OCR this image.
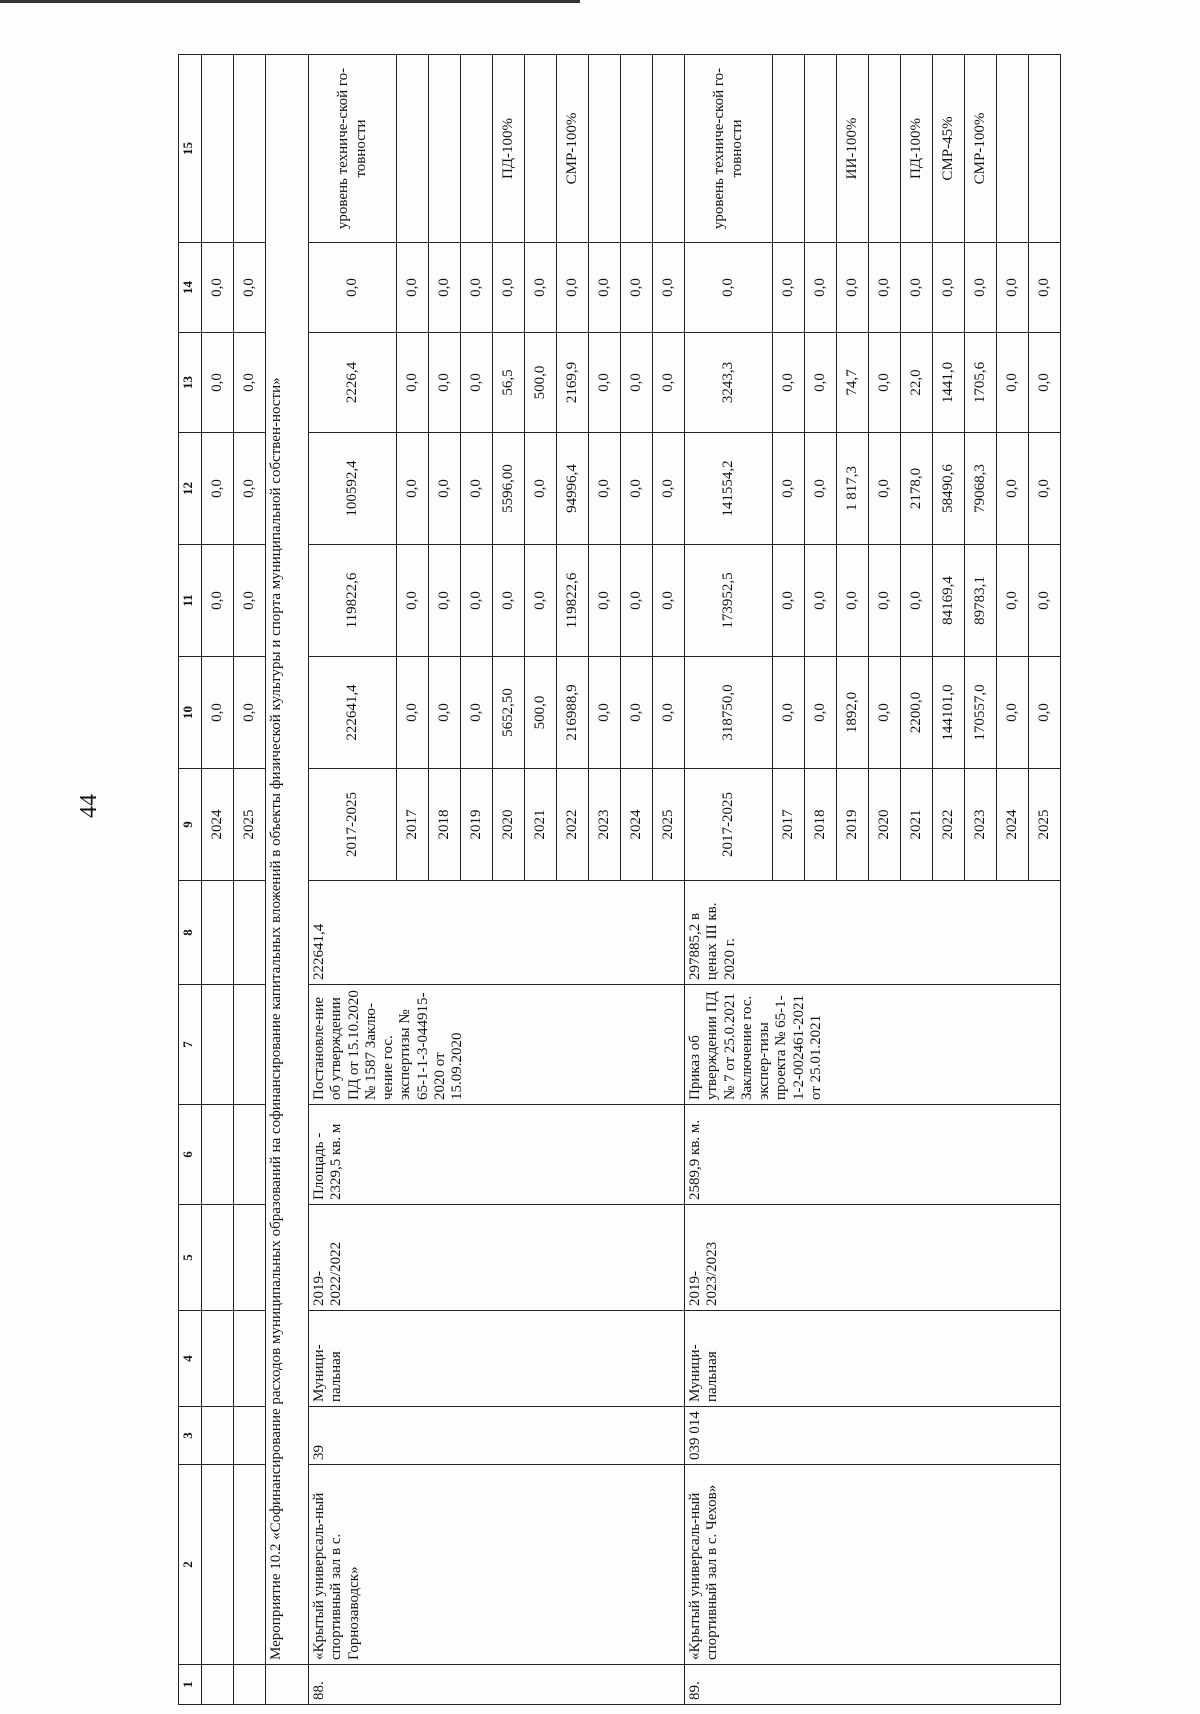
44
1	2	3	4	5	6	7	8	9	10	11	12	13	14	15
								2024	0,0	0,0	0,0	0,0	0,0	
								2025	0,0	0,0	0,0	0,0	0,0	
	Мероприятие 10.2 «Софинансирование расходов муниципальных образований на софинансирование капитальных вложений в объекты физической культуры и спорта муниципальной собствен-ности»													
88.	«Крытый универсаль-ный спортивный зал в с. Горнозаводск»	39	Муници-пальная	2019-2022/2022	Площадь - 2329,5 кв. м	Постановле-ние об утверждении ПД от 15.10.2020 № 1587 Заклю-чение гос. экспертизы № 65-1-1-3-044915-2020 от 15.09.2020	222641,4	2017-2025	222641,4	119822,6	100592,4	2226,4	0,0	уровень техниче-ской го-товности
								2017	0,0	0,0	0,0	0,0	0,0	
								2018	0,0	0,0	0,0	0,0	0,0	
								2019	0,0	0,0	0,0	0,0	0,0	
								2020	5652,50	0,0	5596,00	56,5	0,0	ПД-100%
								2021	500,0	0,0	0,0	500,0	0,0	
								2022	216988,9	119822,6	94996,4	2169,9	0,0	СМР-100%
								2023	0,0	0,0	0,0	0,0	0,0	
								2024	0,0	0,0	0,0	0,0	0,0	
								2025	0,0	0,0	0,0	0,0	0,0	
89.	«Крытый универсаль-ный спортивный зал в с. Чехов»	039 014	Муници-пальная	2019-2023/2023	2589,9 кв. м.	Приказ об утверждении ПД № 7 от 25.0.2021 Заключение гос. экспер-тизы проекта № 65-1-1-2-002461-2021 от 25.01.2021	297885,2 в ценах III кв. 2020 г.	2017-2025	318750,0	173952,5	141554,2	3243,3	0,0	уровень техниче-ской го-товности
								2017	0,0	0,0	0,0	0,0	0,0	
								2018	0,0	0,0	0,0	0,0	0,0	
								2019	1892,0	0,0	1 817,3	74,7	0,0	ИИ-100%
								2020	0,0	0,0	0,0	0,0	0,0	
								2021	2200,0	0,0	2178,0	22,0	0,0	ПД-100%
								2022	144101,0	84169,4	58490,6	1441,0	0,0	СМР-45%
								2023	170557,0	89783,1	79068,3	1705,6	0,0	СМР-100%
								2024	0,0	0,0	0,0	0,0	0,0	
								2025	0,0	0,0	0,0	0,0	0,0	
